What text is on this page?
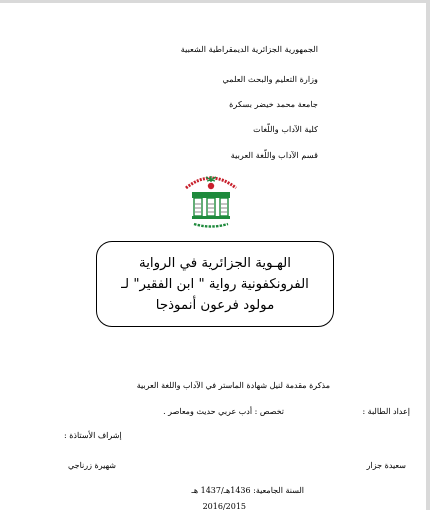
الجمهورية الجزائرية الديمقراطية الشعبية
وزارة التعليم والبحث العلمي
جامعة محمد خيضر بسكرة
كلية الآداب واللّغات
قسم الآداب واللّغة العربية
الهـوية الجزائرية في الرواية
الفرونكفونية رواية " ابن الفقير" لـ
مولود فرعون أنموذجا
مذكرة مقدمة لنيل شهادة الماستر في الآداب واللغة العربية
تخصص : أدب عربي حديث ومعاصر .	إعداد الطالبة :
إشراف الأستاذة :
سعيدة جزار
شهيرة زرناجي
السنة الجامعية: 1436هـ/1437 هـ
2016/2015
